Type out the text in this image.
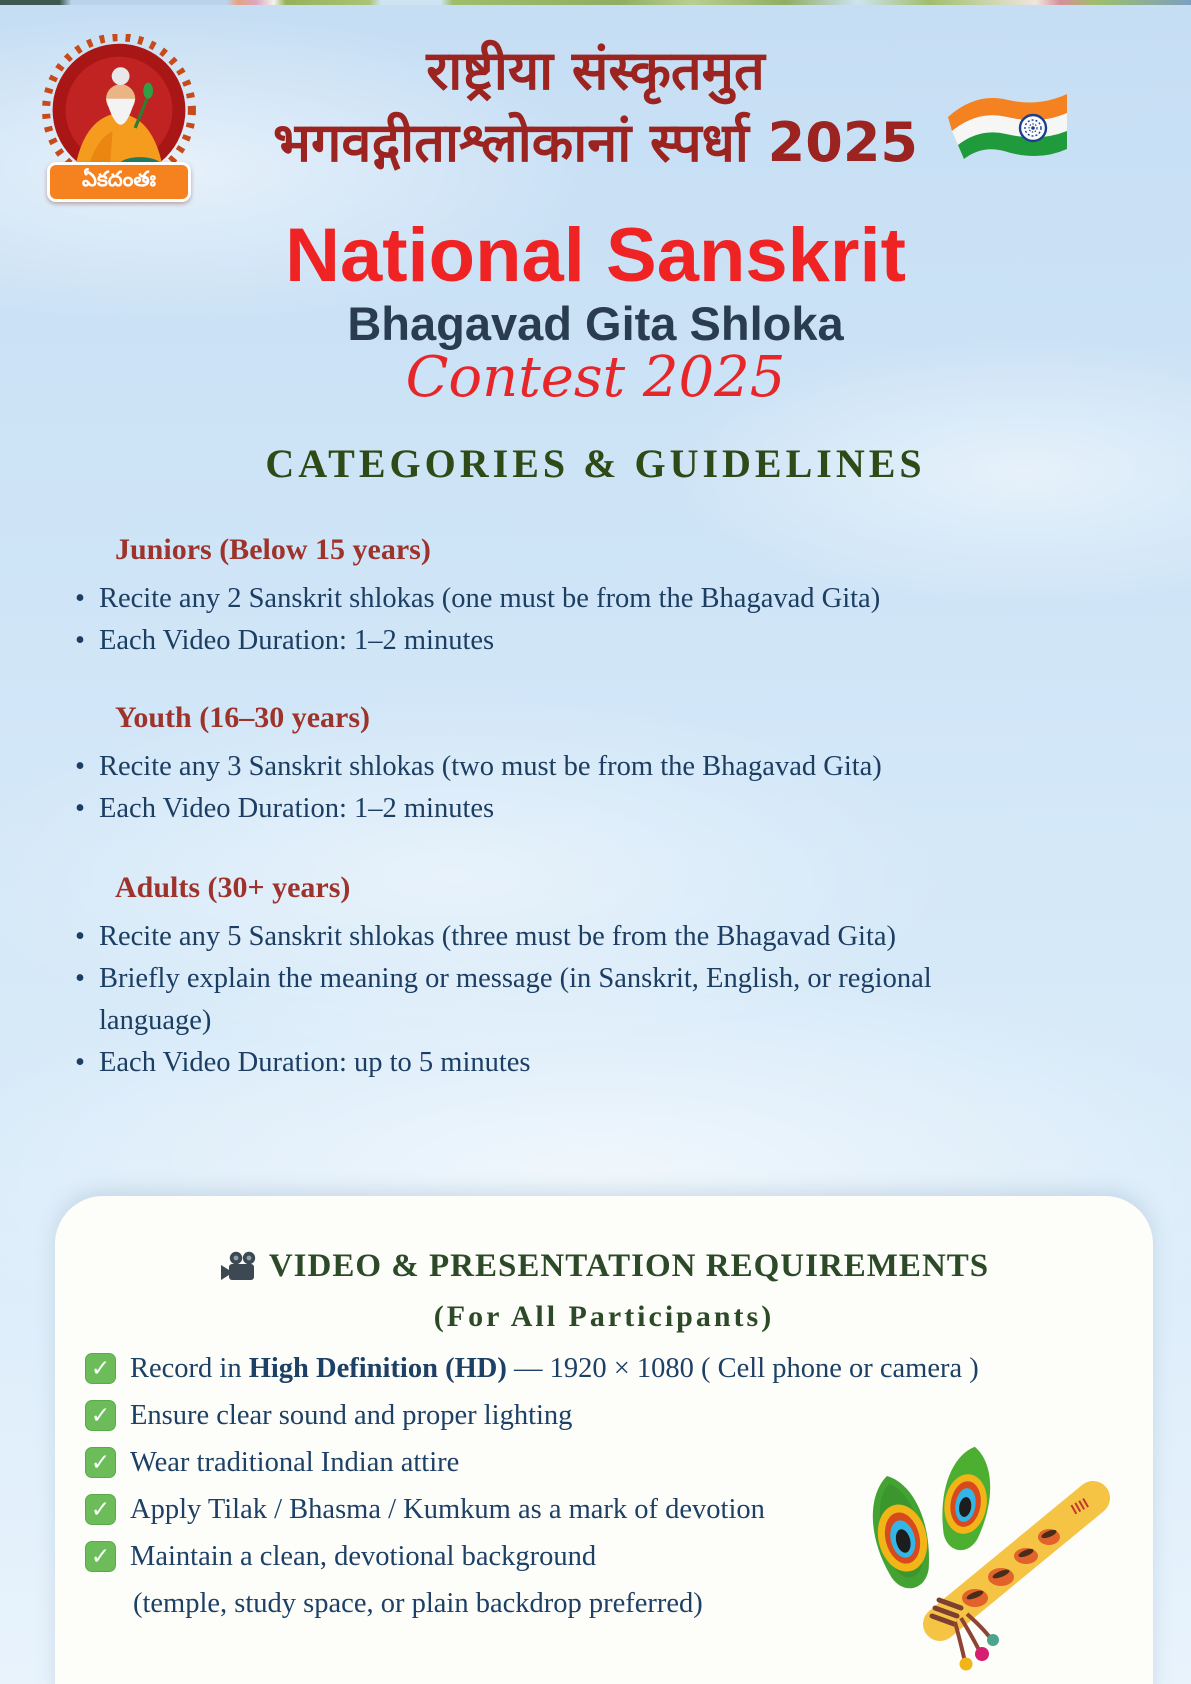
ఏకదంతః
राष्ट्रीया संस्कृतमुत
भगवद्गीताश्लोकानां स्पर्धा 2025
National Sanskrit
Bhagavad Gita Shloka
Contest 2025
CATEGORIES & GUIDELINES
Juniors (Below 15 years)
• Recite any 2 Sanskrit shlokas (one must be from the Bhagavad Gita)
• Each Video Duration: 1–2 minutes
Youth (16–30 years)
• Recite any 3 Sanskrit shlokas (two must be from the Bhagavad Gita)
• Each Video Duration: 1–2 minutes
Adults (30+ years)
• Recite any 5 Sanskrit shlokas (three must be from the Bhagavad Gita)
• Briefly explain the meaning or message (in Sanskrit, English, or regional language)
• Each Video Duration: up to 5 minutes
VIDEO & PRESENTATION REQUIREMENTS
(For All Participants)
✓ Record in High Definition (HD) — 1920 × 1080 ( Cell phone or camera )
✓ Ensure clear sound and proper lighting
✓ Wear traditional Indian attire
✓ Apply Tilak / Bhasma / Kumkum as a mark of devotion
✓ Maintain a clean, devotional background
(temple, study space, or plain backdrop preferred)
